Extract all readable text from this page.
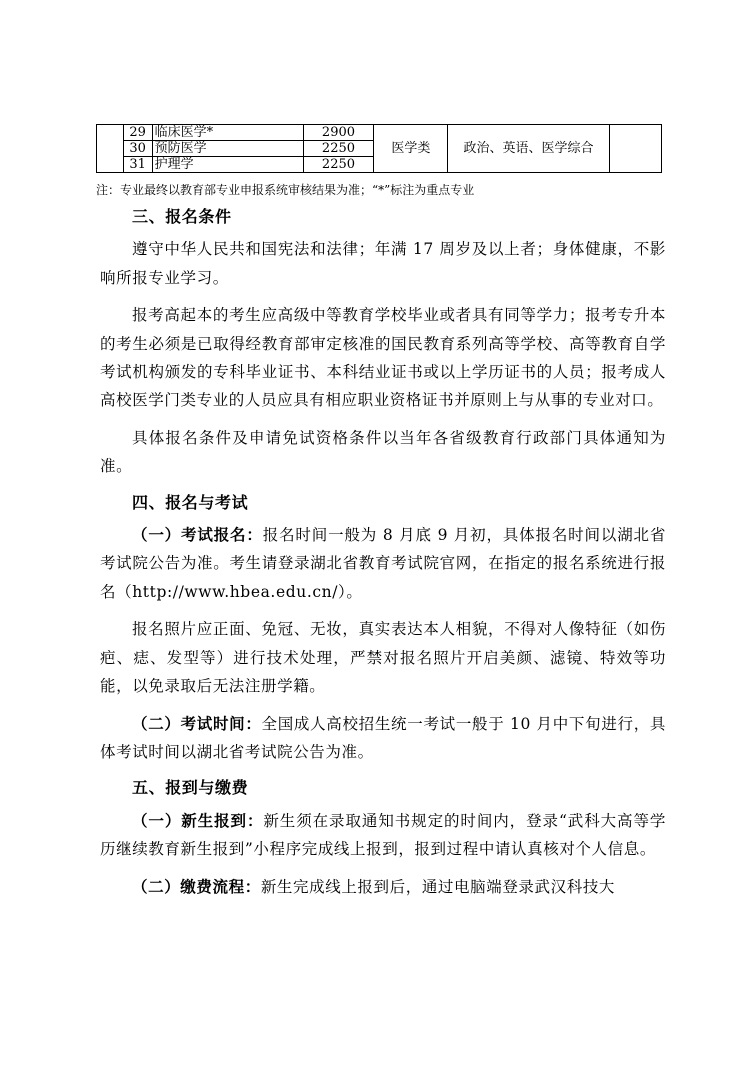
	29	临床医学*	2900	医学类	政治、英语、医学综合	
	30	预防医学	2250			
	31	护理学	2250			
注：专业最终以教育部专业申报系统审核结果为准；“*”标注为重点专业

三、报名条件

遵守中华人民共和国宪法和法律；年满 17 周岁及以上者；身体健康，不影响所报专业学习。

报考高起本的考生应高级中等教育学校毕业或者具有同等学力；报考专升本的考生必须是已取得经教育部审定核准的国民教育系列高等学校、高等教育自学考试机构颁发的专科毕业证书、本科结业证书或以上学历证书的人员；报考成人高校医学门类专业的人员应具有相应职业资格证书并原则上与从事的专业对口。

具体报名条件及申请免试资格条件以当年各省级教育行政部门具体通知为准。

四、报名与考试

（一）考试报名：报名时间一般为 8 月底 9 月初，具体报名时间以湖北省考试院公告为准。考生请登录湖北省教育考试院官网，在指定的报名系统进行报名（http://www.hbea.edu.cn/）。

报名照片应正面、免冠、无妆，真实表达本人相貌，不得对人像特征（如伤疤、痣、发型等）进行技术处理，严禁对报名照片开启美颜、滤镜、特效等功能，以免录取后无法注册学籍。

（二）考试时间：全国成人高校招生统一考试一般于 10 月中下旬进行，具体考试时间以湖北省考试院公告为准。

五、报到与缴费

（一）新生报到：新生须在录取通知书规定的时间内，登录“武科大高等学历继续教育新生报到”小程序完成线上报到，报到过程中请认真核对个人信息。

（二）缴费流程：新生完成线上报到后，通过电脑端登录武汉科技大
